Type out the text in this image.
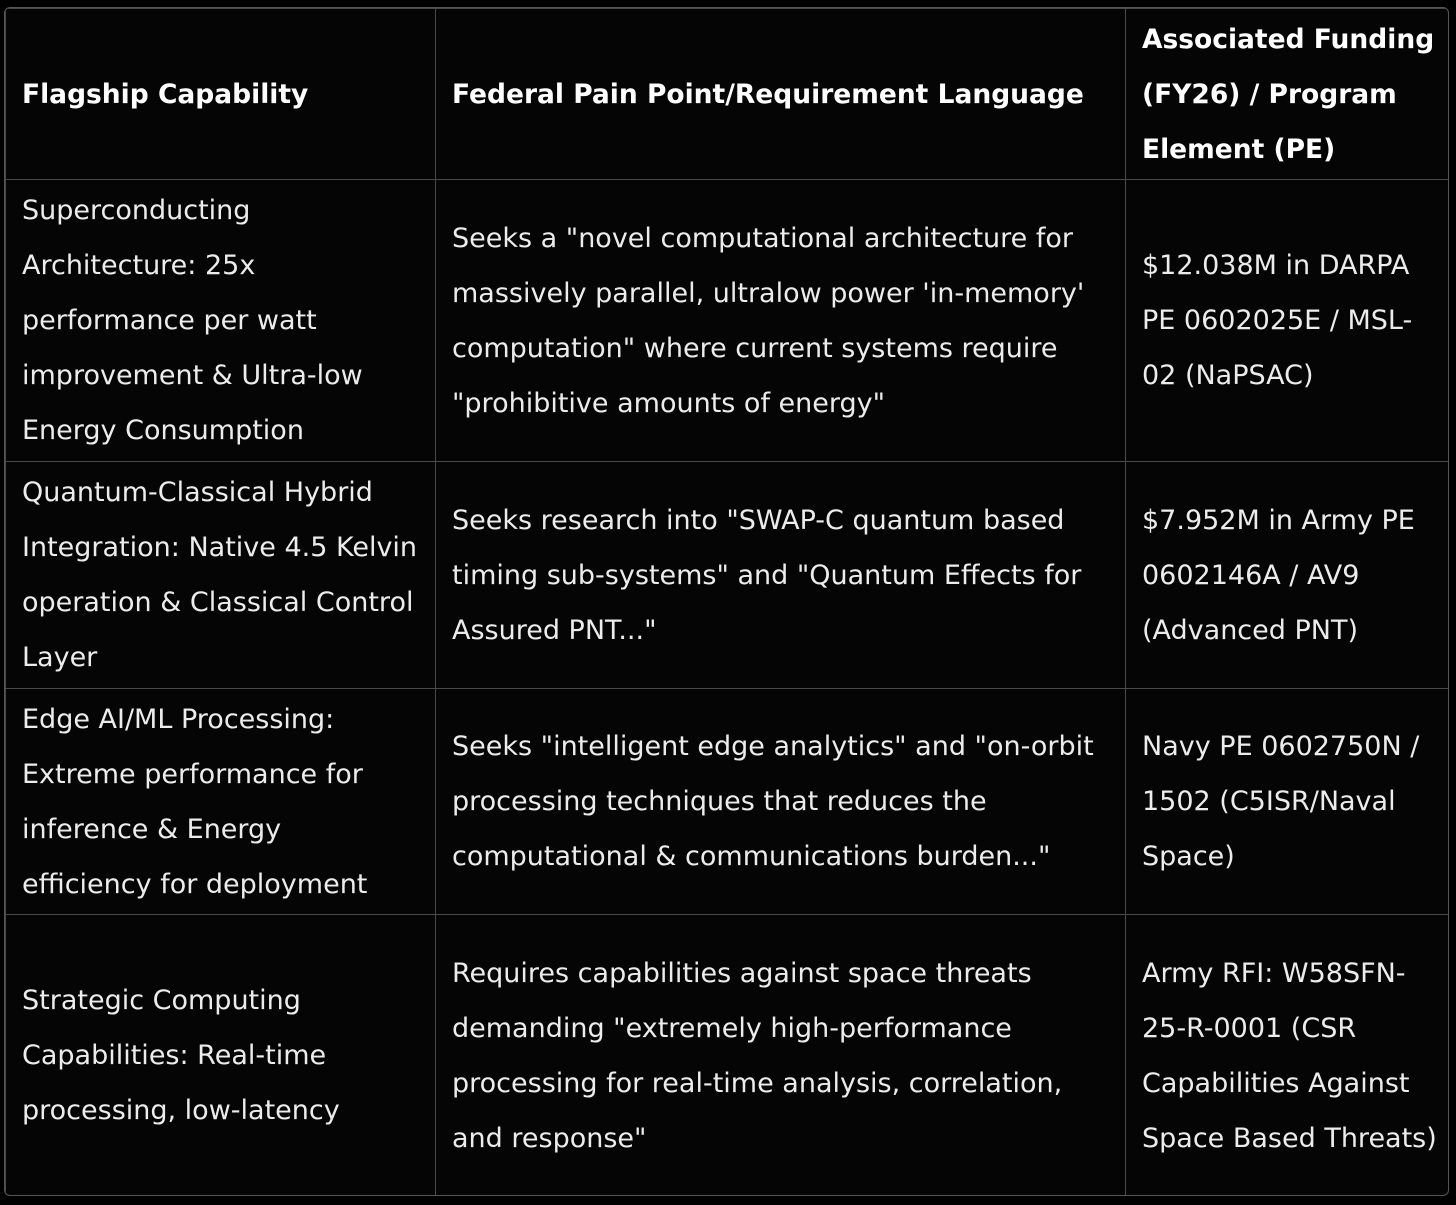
Flagship Capability	Federal Pain Point/Requirement Language	Associated Funding (FY26) / Program Element (PE)
Superconducting Architecture: 25x performance per watt improvement & Ultra-low Energy Consumption	Seeks a "novel computational architecture for massively parallel, ultralow power 'in-memory' computation" where current systems require "prohibitive amounts of energy"	$12.038M in DARPA PE 0602025E / MSL-02 (NaPSAC)
Quantum-Classical Hybrid Integration: Native 4.5 Kelvin operation & Classical Control Layer	Seeks research into "SWAP-C quantum based timing sub-systems" and "Quantum Effects for Assured PNT..."	$7.952M in Army PE 0602146A / AV9 (Advanced PNT)
Edge AI/ML Processing: Extreme performance for inference & Energy efficiency for deployment	Seeks "intelligent edge analytics" and "on-orbit processing techniques that reduces the computational & communications burden..."	Navy PE 0602750N / 1502 (C5ISR/Naval Space)
Strategic Computing Capabilities: Real-time processing, low-latency	Requires capabilities against space threats demanding "extremely high-performance processing for real-time analysis, correlation, and response"	Army RFI: W58SFN-25-R-0001 (CSR Capabilities Against Space Based Threats)
